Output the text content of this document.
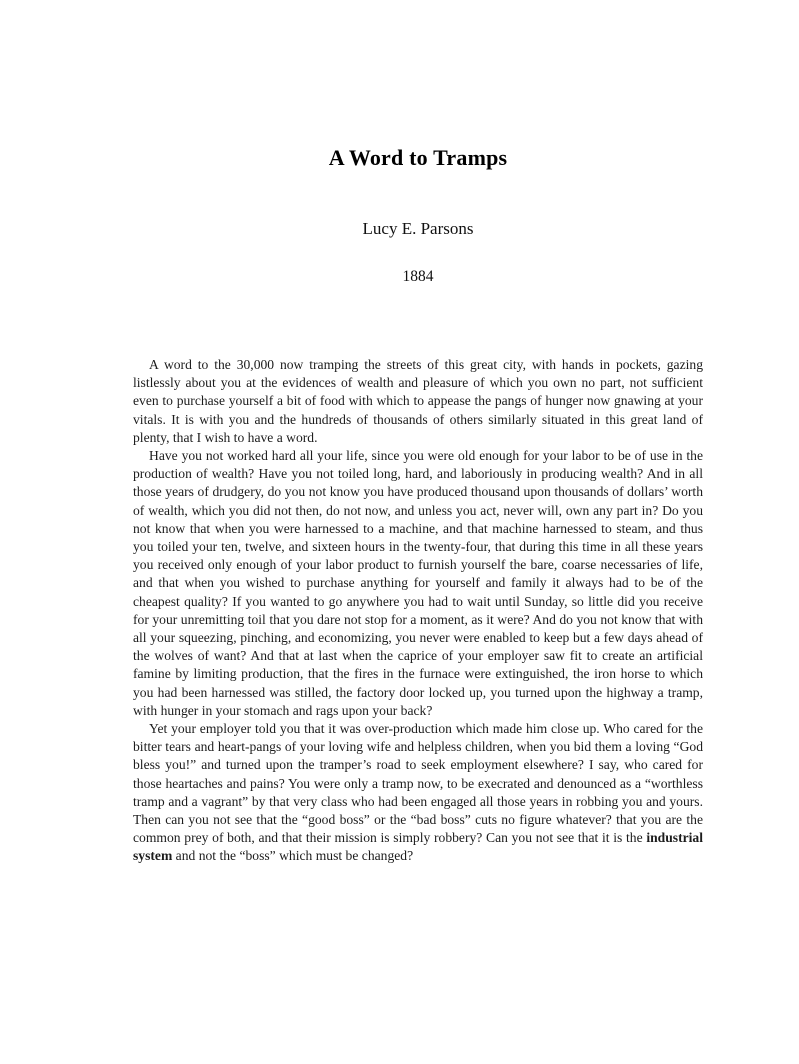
A Word to Tramps
Lucy E. Parsons
1884

A word to the 30,000 now tramping the streets of this great city, with hands in pockets, gazing listlessly about you at the evidences of wealth and pleasure of which you own no part, not sufficient even to purchase yourself a bit of food with which to appease the pangs of hunger now gnawing at your vitals. It is with you and the hundreds of thousands of others similarly situated in this great land of plenty, that I wish to have a word.

Have you not worked hard all your life, since you were old enough for your labor to be of use in the production of wealth? Have you not toiled long, hard, and laboriously in producing wealth? And in all those years of drudgery, do you not know you have produced thousand upon thousands of dollars’ worth of wealth, which you did not then, do not now, and unless you act, never will, own any part in? Do you not know that when you were harnessed to a machine, and that machine harnessed to steam, and thus you toiled your ten, twelve, and sixteen hours in the twenty-four, that during this time in all these years you received only enough of your labor product to furnish yourself the bare, coarse necessaries of life, and that when you wished to purchase anything for yourself and family it always had to be of the cheapest quality? If you wanted to go anywhere you had to wait until Sunday, so little did you receive for your unremitting toil that you dare not stop for a moment, as it were? And do you not know that with all your squeezing, pinching, and economizing, you never were enabled to keep but a few days ahead of the wolves of want? And that at last when the caprice of your employer saw fit to create an artificial famine by limiting production, that the fires in the furnace were extinguished, the iron horse to which you had been harnessed was stilled, the factory door locked up, you turned upon the highway a tramp, with hunger in your stomach and rags upon your back?

Yet your employer told you that it was over-production which made him close up. Who cared for the bitter tears and heart-pangs of your loving wife and helpless children, when you bid them a loving “God bless you!” and turned upon the tramper’s road to seek employment elsewhere? I say, who cared for those heartaches and pains? You were only a tramp now, to be execrated and denounced as a “worthless tramp and a vagrant” by that very class who had been engaged all those years in robbing you and yours. Then can you not see that the “good boss” or the “bad boss” cuts no figure whatever? that you are the common prey of both, and that their mission is simply robbery? Can you not see that it is the industrial system and not the “boss” which must be changed?
